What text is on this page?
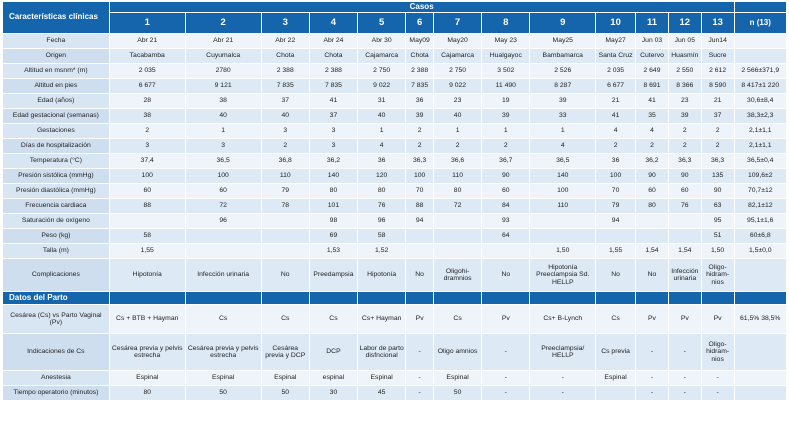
Características clínicas	Casos													
	1	2	3	4	5	6	7	8	9	10	11	12	13	n (13)
Fecha	Abr 21	Abr 21	Abr 22	Abr 24	Abr 30	May09	May20	May 23	May25	May27	Jun 03	Jun 05	Jun14	
Origen	Tacabamba	Cuyumalca	Chota	Chota	Cajamarca	Chota	Cajamarca	Hualgayoc	Bambamarca	Santa Cruz	Cutervo	Huasmín	Sucre	
Altitud en msnm* (m)	2 035	2780	2 388	2 388	2 750	2 388	2 750	3 502	2 526	2 035	2 649	2 550	2 612	2 566±371,9
Altitud en pies	6 677	9 121	7 835	7 835	9 022	7 835	9 022	11 490	8 287	6 677	8 691	8 366	8 590	8 417±1 220
Edad (años)	28	38	37	41	31	36	23	19	39	21	41	23	21	30,6±8,4
Edad gestacional (semanas)	38	40	40	37	40	39	40	39	33	41	35	39	37	38,3±2,3
Gestaciones	2	1	3	3	1	2	1	1	1	4	4	2	2	2,1±1,1
Días de hospitalización	3	3	2	3	4	2	2	2	4	2	2	2	2	2,1±1,1
Temperatura (°C)	37,4	36,5	36,8	36,2	36	36,3	36,6	36,7	36,5	36	36,2	36,3	36,3	36,5±0,4
Presión sistólica (mmHg)	100	100	110	140	120	100	110	90	140	100	90	90	135	109,6±2
Presión diastólica (mmHg)	60	60	79	80	80	70	80	60	100	70	60	60	90	70,7±12
Frecuencia cardiaca	88	72	78	101	76	88	72	84	110	79	80	76	63	82,1±12
Saturación de oxígeno		96		98	96	94		93		94			95	95,1±1,6
Peso (kg)	58			69	58			64					51	60±6,8
Talla (m)	1,55			1,53	1,52				1,50	1,55	1,54	1,54	1,50	1,5±0,0
Complicaciones	Hipotonía	Infección urinaria	No	Preedampsia	Hipotonía	No	Oligohidramnios	No	Hipotonía Preeclampsia Sd. HELLP	No	No	Infección urinaria	Oligohidramnios	
Datos del Parto														
Cesárea (Cs) vs Parto Vaginal (Pv)	Cs + BTB + Hayman	Cs	Cs	Cs	Cs+ Hayman	Pv	Cs	Pv	Cs+ B-Lynch	Cs	Pv	Pv	Pv	61,5% 38,5%
Indicaciones de Cs	Cesárea previa y pelvis estrecha	Cesárea previa y pelvis estrecha	Cesárea previa y DCP	DCP	Labor de parto disfncional	-	Oligo amnios	-	Preeclampsia/ HELLP	Cs previa	-	-	Oligohidramnios	
Anestesia	Espinal	Espinal	Espinal	espinal	Espinal	-	Espinal	-	-	Espinal	-	-	-	
Tiempo operatorio (minutos)	80	50	50	30	45	-	50	-	-		-	-	-	
